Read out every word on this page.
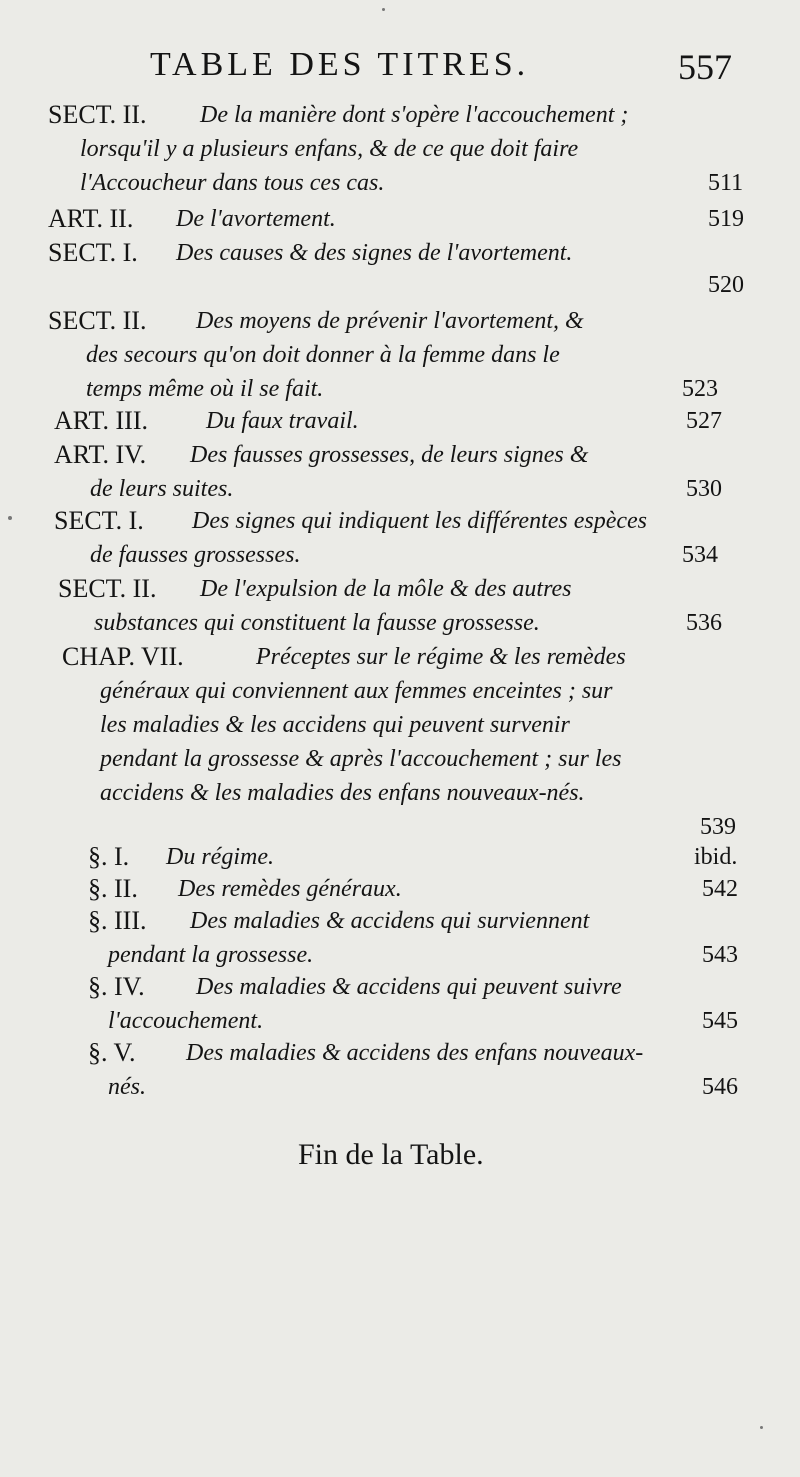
TABLE DES TITRES.	557
SECT. II. De la manière dont s'opère l'accouchement ;
lorsqu'il y a plusieurs enfans, & de ce que doit faire
l'Accoucheur dans tous ces cas.	511
ART. II. De l'avortement.	519
SECT. I. Des causes & des signes de l'avortement.
520
SECT. II. Des moyens de prévenir l'avortement, &
des secours qu'on doit donner à la femme dans le
temps même où il se fait.	523
ART. III. Du faux travail.	527
ART. IV. Des fausses grossesses, de leurs signes &
de leurs suites.	530
SECT. I. Des signes qui indiquent les différentes espèces
de fausses grossesses.	534
SECT. II. De l'expulsion de la môle & des autres
substances qui constituent la fausse grossesse.	536
CHAP. VII.	Préceptes sur le régime & les remèdes
généraux qui conviennent aux femmes enceintes ; sur
les maladies & les accidens qui peuvent survenir
pendant la grossesse & après l'accouchement ; sur les
accidens & les maladies des enfans nouveaux-nés.
539
§. I. Du régime.	ibid.
§. II. Des remèdes généraux.	542
§. III. Des maladies & accidens qui surviennent
pendant la grossesse.	543
§. IV. Des maladies & accidens qui peuvent suivre
l'accouchement.	545
§. V. Des maladies & accidens des enfans nouveaux-
nés.	546
Fin de la Table.
